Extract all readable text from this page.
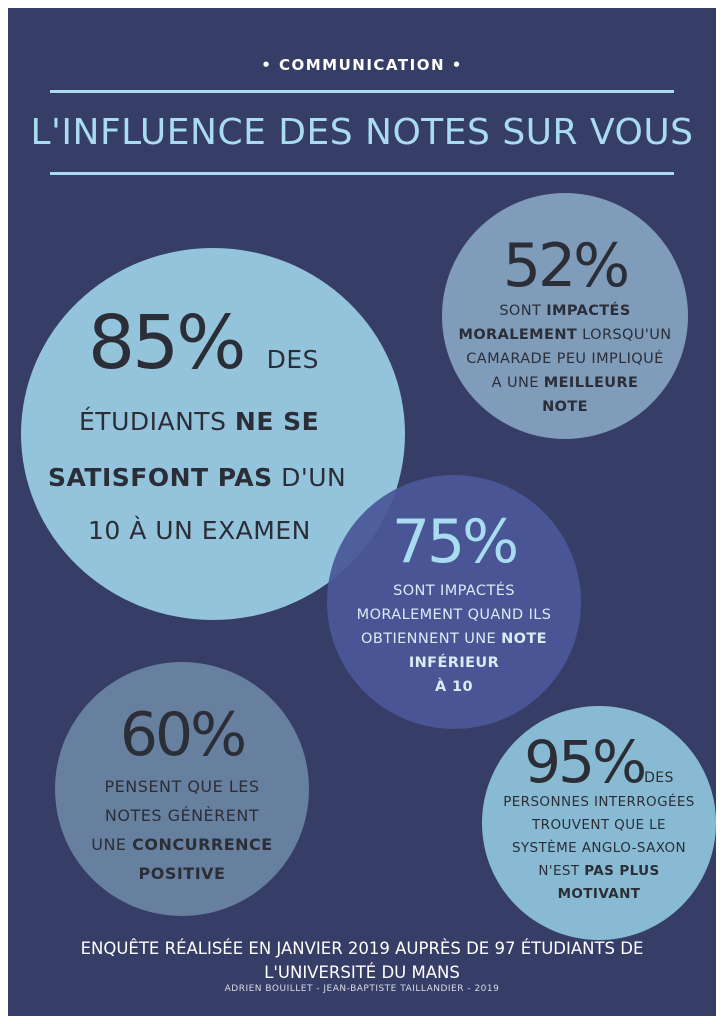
• COMMUNICATION •
L'INFLUENCE DES NOTES SUR VOUS
85% DES
ÉTUDIANTS NE SE
SATISFONT PAS D'UN
10 À UN EXAMEN
52%
SONT IMPACTÉS
MORALEMENT LORSQU'UN
CAMARADE PEU IMPLIQUÉ
A UNE MEILLEURE
NOTE
75%
SONT IMPACTÉS
MORALEMENT QUAND ILS
OBTIENNENT UNE NOTE
INFÉRIEUR
À 10
60%
PENSENT QUE LES
NOTES GÉNÈRENT
UNE CONCURRENCE
POSITIVE
95%DES
PERSONNES INTERROGÉES
TROUVENT QUE LE
SYSTÈME ANGLO-SAXON
N'EST PAS PLUS
MOTIVANT
ENQUÊTE RÉALISÉE EN JANVIER 2019 AUPRÈS DE 97 ÉTUDIANTS DE
L'UNIVERSITÉ DU MANS
ADRIEN BOUILLET - JEAN-BAPTISTE TAILLANDIER - 2019
